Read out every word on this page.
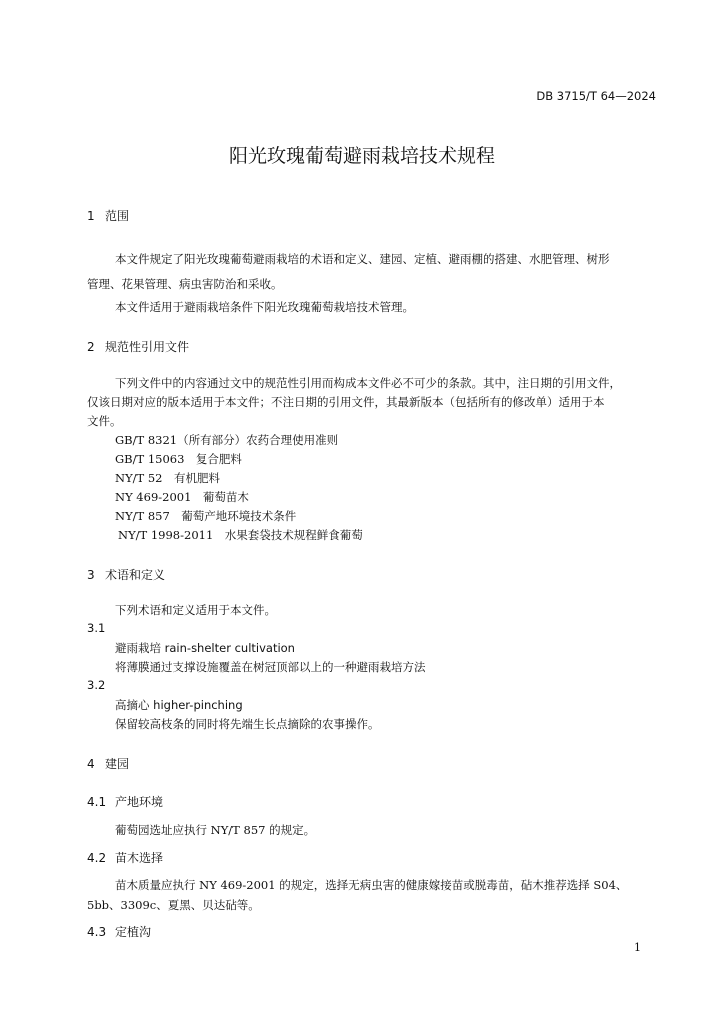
DB 3715/T 64—2024
阳光玫瑰葡萄避雨栽培技术规程
1 范围
本文件规定了阳光玫瑰葡萄避雨栽培的术语和定义、建园、定植、避雨棚的搭建、水肥管理、树形
管理、花果管理、病虫害防治和采收。
本文件适用于避雨栽培条件下阳光玫瑰葡萄栽培技术管理。
2 规范性引用文件
下列文件中的内容通过文中的规范性引用而构成本文件必不可少的条款。其中，注日期的引用文件，
仅该日期对应的版本适用于本文件；不注日期的引用文件，其最新版本（包括所有的修改单）适用于本
文件。
GB/T 8321（所有部分）农药合理使用准则
GB/T 15063　复合肥料
NY/T 52　有机肥料
NY 469-2001　葡萄苗木
NY/T 857　葡萄产地环境技术条件
NY/T 1998-2011　水果套袋技术规程鲜食葡萄
3 术语和定义
下列术语和定义适用于本文件。
3.1
避雨栽培 rain-shelter cultivation
将薄膜通过支撑设施覆盖在树冠顶部以上的一种避雨栽培方法
3.2
高摘心 higher-pinching
保留较高枝条的同时将先端生长点摘除的农事操作。
4 建园
4.1 产地环境
葡萄园选址应执行 NY/T 857 的规定。
4.2 苗木选择
苗木质量应执行 NY 469-2001 的规定，选择无病虫害的健康嫁接苗或脱毒苗，砧木推荐选择 S04、
5bb、3309c、夏黑、贝达砧等。
4.3 定植沟
1
